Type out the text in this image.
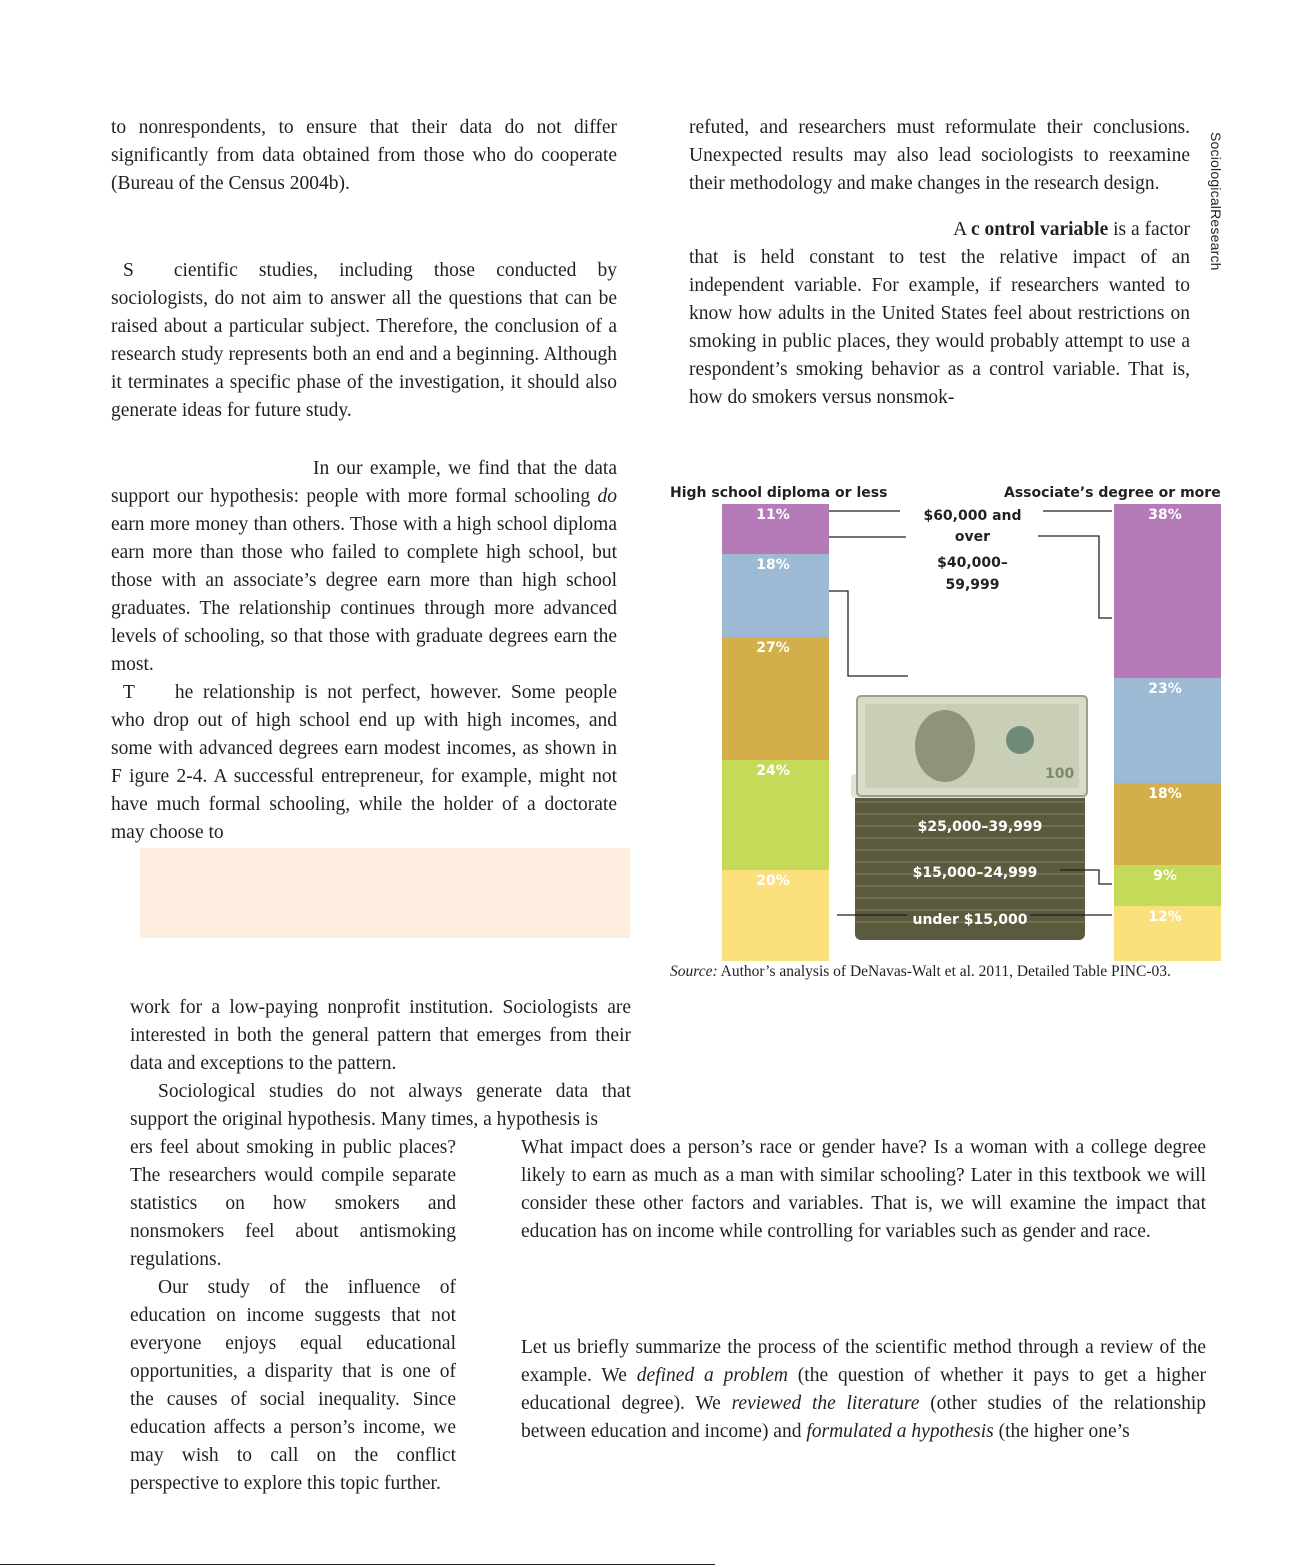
SociologicalResearch

to nonrespondents, to ensure that their data do not differ significantly from data obtained from those who do cooperate (Bureau of the Census 2004b).

S cientific studies, including those conducted by sociologists, do not aim to answer all the questions that can be raised about a particular subject. Therefore, the conclusion of a research study represents both an end and a beginning. Although it terminates a specific phase of the investigation, it should also generate ideas for future study.

In our example, we find that the data support our hypothesis: people with more formal schooling do earn more money than others. Those with a high school diploma earn more than those who failed to complete high school, but those with an associate’s degree earn more than high school graduates. The relationship continues through more advanced levels of schooling, so that those with graduate degrees earn the most.

T he relationship is not perfect, however. Some people who drop out of high school end up with high incomes, and some with advanced degrees earn modest incomes, as shown in F igure 2-4. A successful entrepreneur, for example, might not have much formal schooling, while the holder of a doctorate may choose to

work for a low-paying nonprofit institution. Sociologists are interested in both the general pattern that emerges from their data and exceptions to the pattern.

Sociological studies do not always generate data that support the original hypothesis. Many times, a hypothesis is

ers feel about smoking in public places? The researchers would compile separate statistics on how smokers and nonsmokers feel about antismoking regulations.

Our study of the influence of education on income suggests that not everyone enjoys equal educational opportunities, a disparity that is one of the causes of social inequality. Since education affects a person’s income, we may wish to call on the conflict perspective to explore this topic further.

refuted, and researchers must reformulate their conclusions. Unexpected results may also lead sociologists to reexamine their methodology and make changes in the research design.

A c ontrol variable is a factor

that is held constant to test the relative impact of an independent variable. For example, if researchers wanted to know how adults in the United States feel about restrictions on smoking in public places, they would probably attempt to use a respondent’s smoking behavior as a control variable. That is, how do smokers versus nonsmok-

What impact does a person’s race or gender have? Is a woman with a college degree likely to earn as much as a man with similar schooling? Later in this textbook we will consider these other factors and variables. That is, we will examine the impact that education has on income while controlling for variables such as gender and race.

Let us briefly summarize the process of the scientific method through a review of the example. We defined a problem (the question of whether it pays to get a higher educational degree). We reviewed the literature (other studies of the relationship between education and income) and formulated a hypothesis (the higher one’s

High school diploma or less	Associate’s degree or more
100
$60,000 and
over
$40,000–
59,999
$25,000–39,999
$15,000–24,999
under $15,000
Source: Author’s analysis of DeNavas-Walt et al. 2011, Detailed Table PINC-03.
11%
18%
27%
24%
20%
38%
23%
18%
9%
12%
